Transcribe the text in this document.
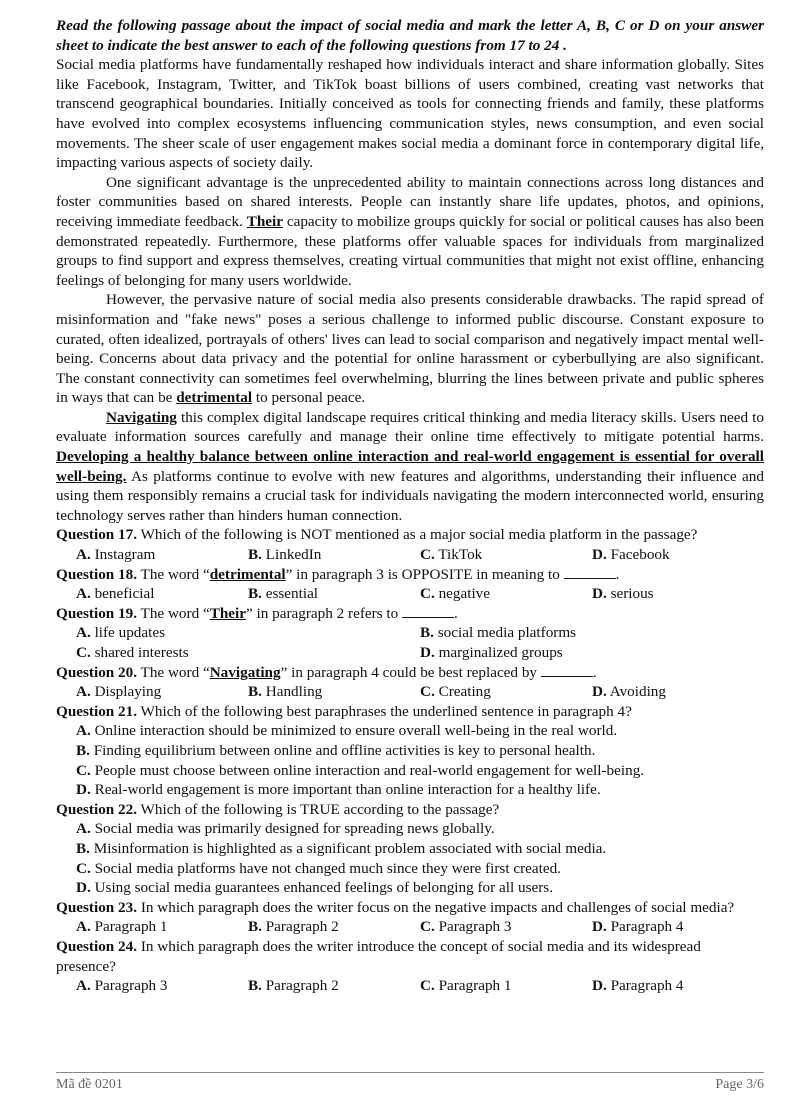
Read the following passage about the impact of social media and mark the letter A, B, C or D on your answer sheet to indicate the best answer to each of the following questions from 17 to 24 .

Social media platforms have fundamentally reshaped how individuals interact and share information globally. Sites like Facebook, Instagram, Twitter, and TikTok boast billions of users combined, creating vast networks that transcend geographical boundaries. Initially conceived as tools for connecting friends and family, these platforms have evolved into complex ecosystems influencing communication styles, news consumption, and even social movements. The sheer scale of user engagement makes social media a dominant force in contemporary digital life, impacting various aspects of society daily.

One significant advantage is the unprecedented ability to maintain connections across long distances and foster communities based on shared interests. People can instantly share life updates, photos, and opinions, receiving immediate feedback. Their capacity to mobilize groups quickly for social or political causes has also been demonstrated repeatedly. Furthermore, these platforms offer valuable spaces for individuals from marginalized groups to find support and express themselves, creating virtual communities that might not exist offline, enhancing feelings of belonging for many users worldwide.

However, the pervasive nature of social media also presents considerable drawbacks. The rapid spread of misinformation and "fake news" poses a serious challenge to informed public discourse. Constant exposure to curated, often idealized, portrayals of others' lives can lead to social comparison and negatively impact mental well-being. Concerns about data privacy and the potential for online harassment or cyberbullying are also significant. The constant connectivity can sometimes feel overwhelming, blurring the lines between private and public spheres in ways that can be detrimental to personal peace.

Navigating this complex digital landscape requires critical thinking and media literacy skills. Users need to evaluate information sources carefully and manage their online time effectively to mitigate potential harms. Developing a healthy balance between online interaction and real-world engagement is essential for overall well-being. As platforms continue to evolve with new features and algorithms, understanding their influence and using them responsibly remains a crucial task for individuals navigating the modern interconnected world, ensuring technology serves rather than hinders human connection.

Question 17. Which of the following is NOT mentioned as a major social media platform in the passage?
A. Instagram	B. LinkedIn	C. TikTok	D. Facebook
Question 18. The word “detrimental” in paragraph 3 is OPPOSITE in meaning to	.
A. beneficial	B. essential	C. negative	D. serious
Question 19. The word “Their” in paragraph 2 refers to	.
A. life updates	B. social media platforms
C. shared interests	D. marginalized groups
Question 20. The word “Navigating” in paragraph 4 could be best replaced by	.
A. Displaying	B. Handling	C. Creating	D. Avoiding
Question 21. Which of the following best paraphrases the underlined sentence in paragraph 4?
A. Online interaction should be minimized to ensure overall well-being in the real world.
B. Finding equilibrium between online and offline activities is key to personal health.
C. People must choose between online interaction and real-world engagement for well-being.
D. Real-world engagement is more important than online interaction for a healthy life.
Question 22. Which of the following is TRUE according to the passage?
A. Social media was primarily designed for spreading news globally.
B. Misinformation is highlighted as a significant problem associated with social media.
C. Social media platforms have not changed much since they were first created.
D. Using social media guarantees enhanced feelings of belonging for all users.
Question 23. In which paragraph does the writer focus on the negative impacts and challenges of social media?
A. Paragraph 1	B. Paragraph 2	C. Paragraph 3	D. Paragraph 4
Question 24. In which paragraph does the writer introduce the concept of social media and its widespread presence?
A. Paragraph 3	B. Paragraph 2	C. Paragraph 1	D. Paragraph 4
Mã đề 0201	Page 3/6
